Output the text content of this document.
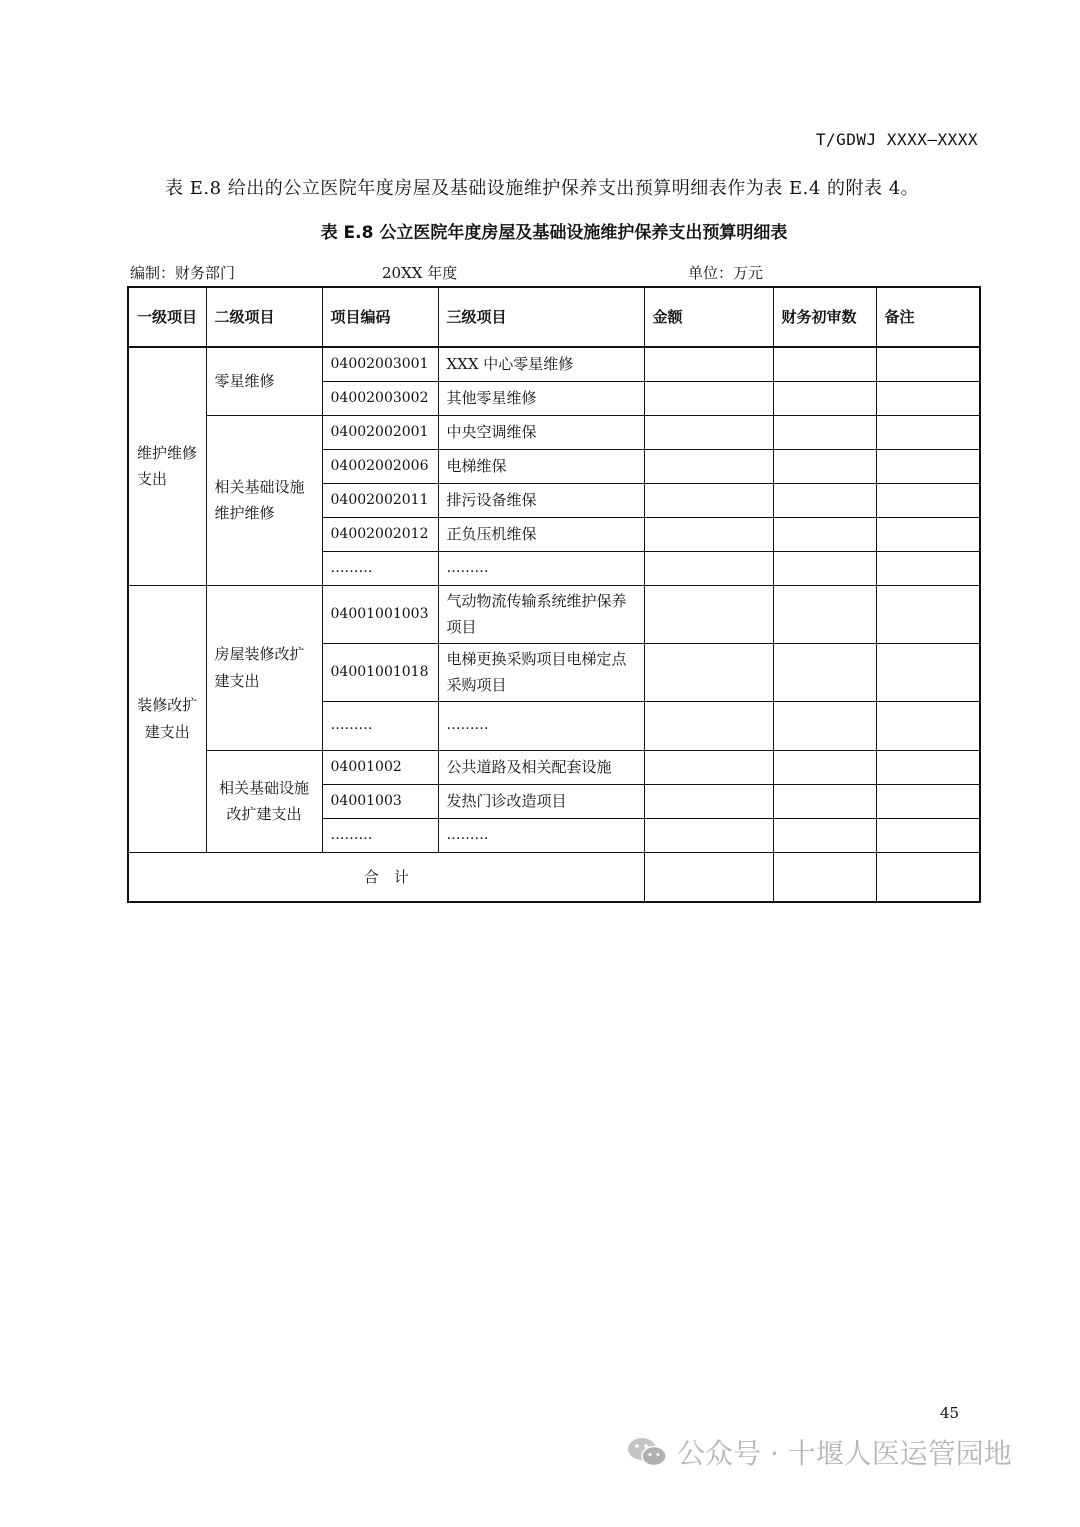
T/GDWJ XXXX—XXXX
表 E.8 给出的公立医院年度房屋及基础设施维护保养支出预算明细表作为表 E.4 的附表 4。
表 E.8 公立医院年度房屋及基础设施维护保养支出预算明细表
编制：财务部门	20XX 年度	单位：万元
一级项目	二级项目	项目编码	三级项目	金额	财务初审数	备注
维护维修支出	零星维修	04002003001	XXX 中心零星维修			
		04002003002	其他零星维修			
	相关基础设施维护维修	04002002001	中央空调维保			
		04002002006	电梯维保			
		04002002011	排污设备维保			
		04002002012	正负压机维保			
		………	………			
装修改扩建支出	房屋装修改扩建支出	04001001003	气动物流传输系统维护保养项目			
		04001001018	电梯更换采购项目电梯定点采购项目			
		………	………			
	相关基础设施改扩建支出	04001002	公共道路及相关配套设施			
		04001003	发热门诊改造项目			
		………	………			
合　计						
45
公众号 · 十堰人医运管园地
